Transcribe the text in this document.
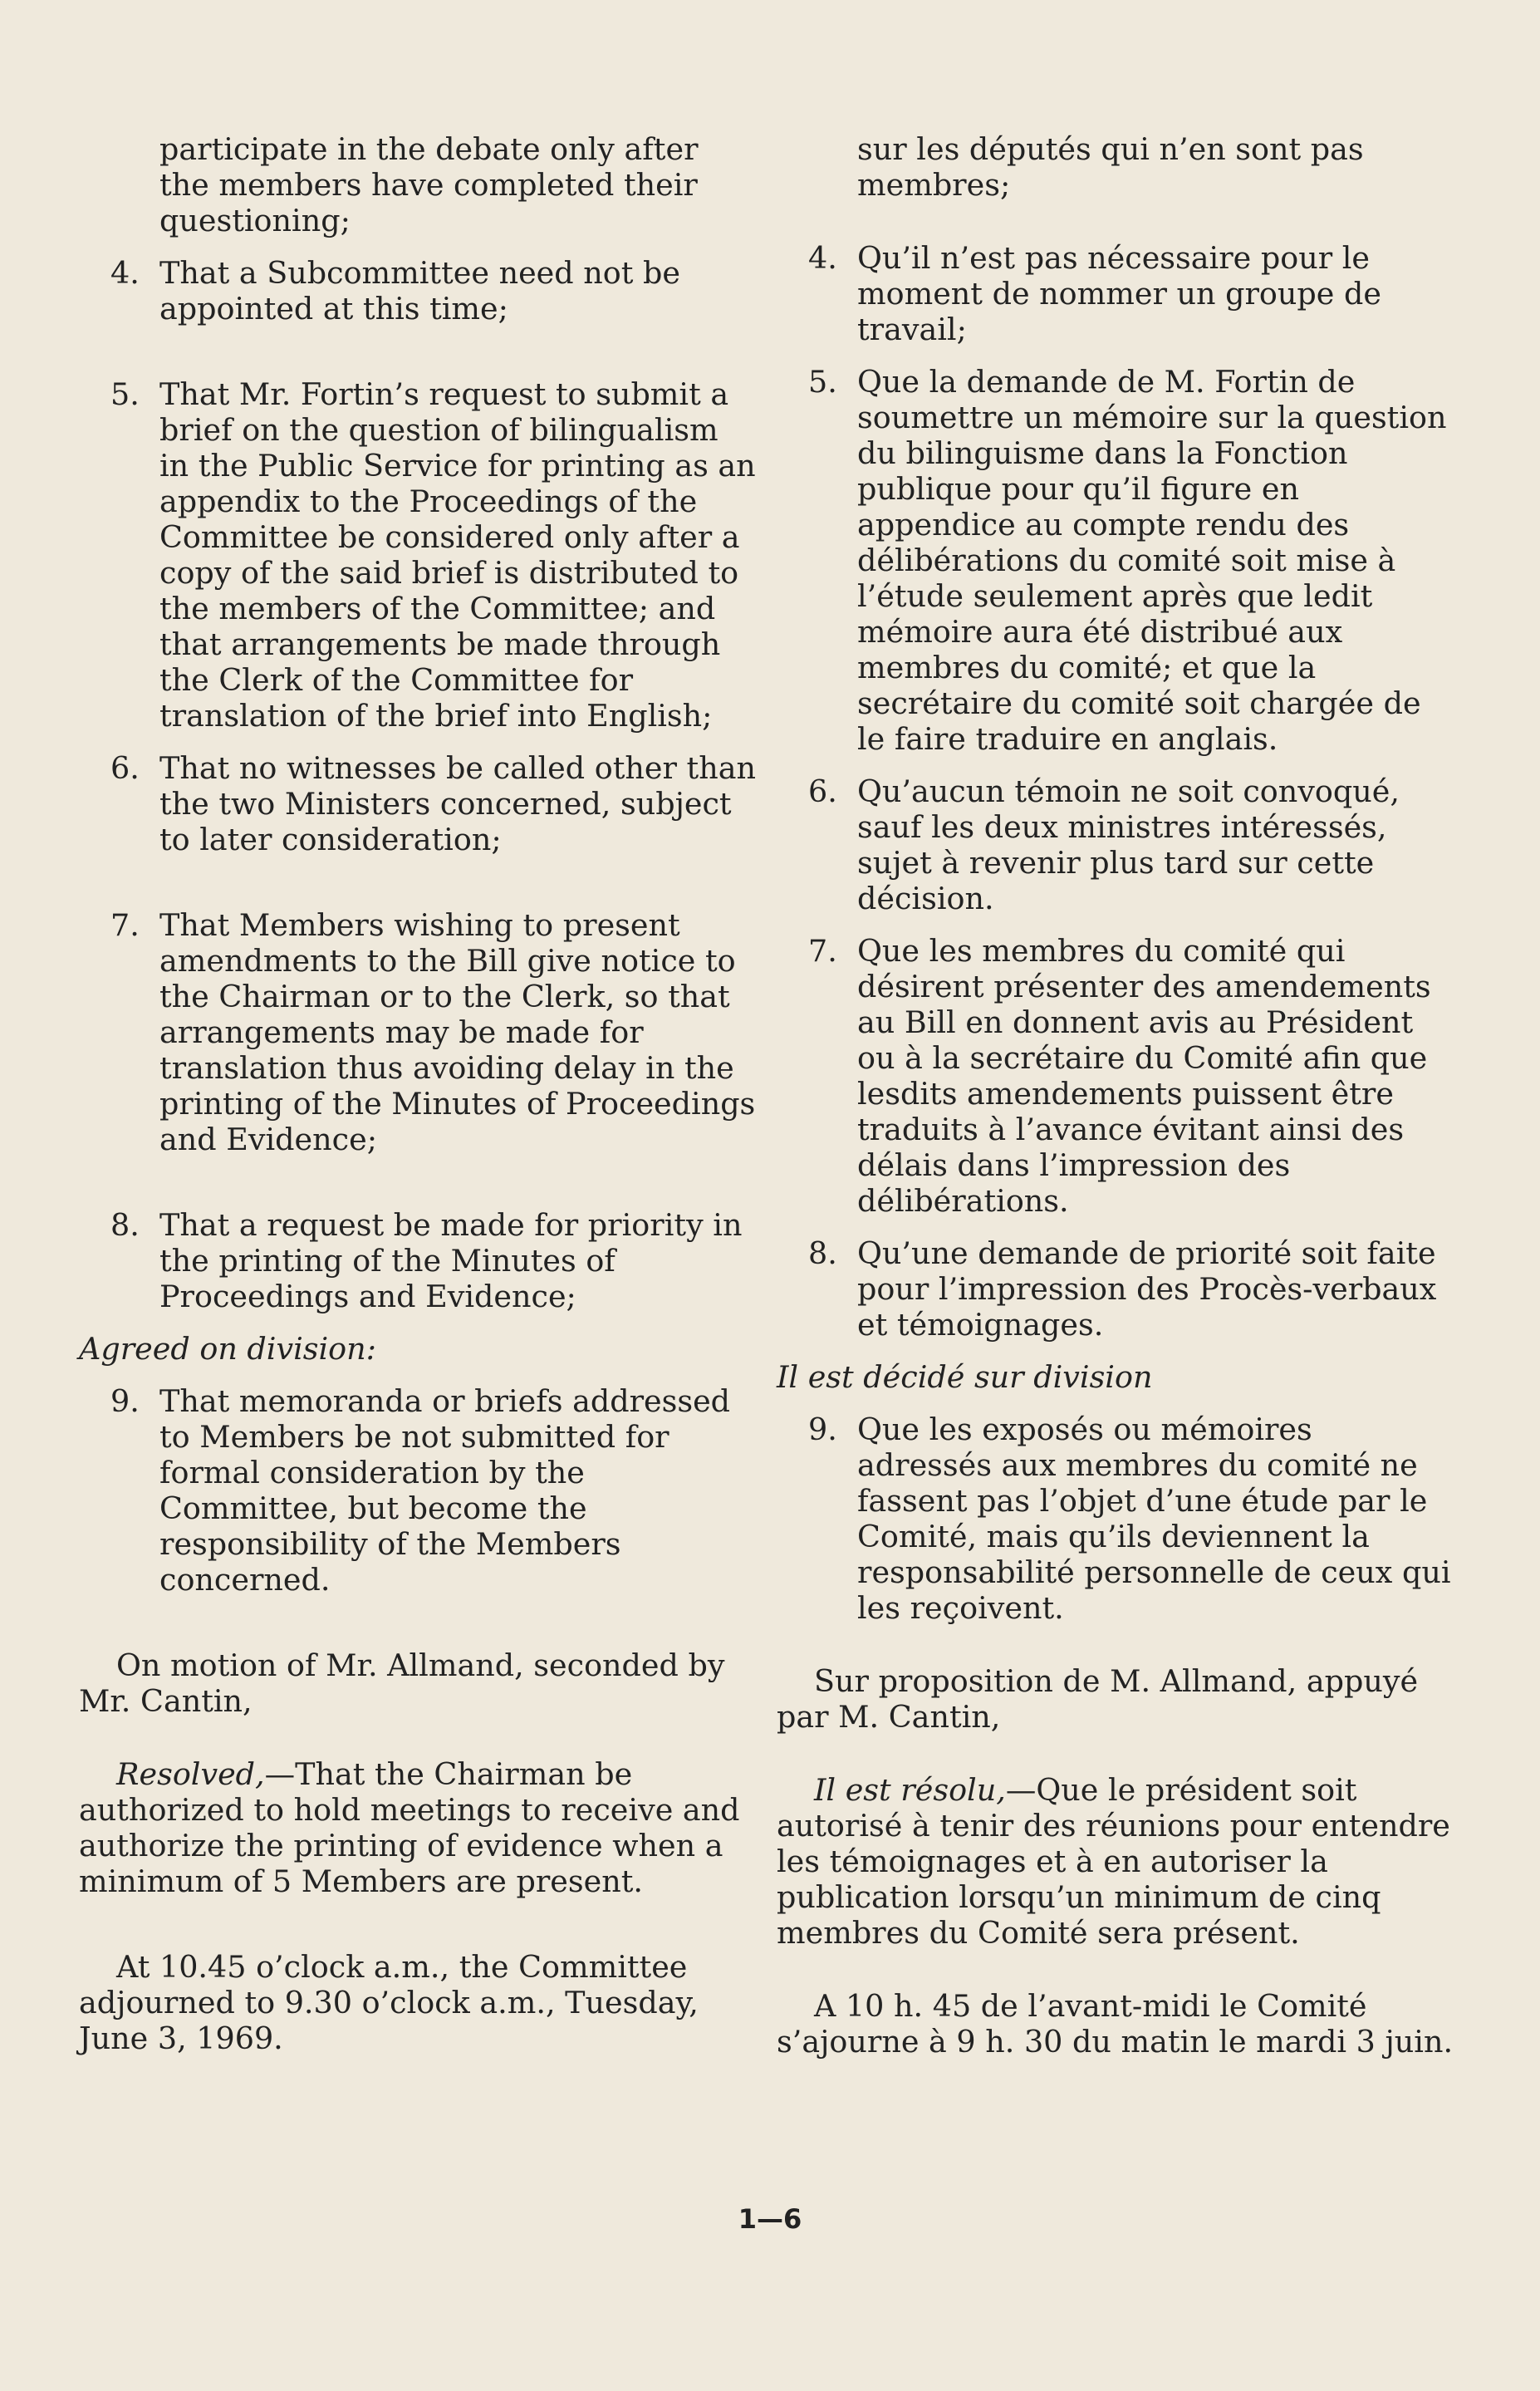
participate in the debate only after the members have completed their questioning;
4. That a Subcommittee need not be appointed at this time;
5. That Mr. Fortin’s request to submit a brief on the question of bilingualism in the Public Service for printing as an appendix to the Proceedings of the Committee be considered only after a copy of the said brief is distributed to the members of the Committee; and that arrangements be made through the Clerk of the Committee for translation of the brief into English;
6. That no witnesses be called other than the two Ministers concerned, subject to later consideration;
7. That Members wishing to present amendments to the Bill give notice to the Chairman or to the Clerk, so that arrangements may be made for translation thus avoiding delay in the printing of the Minutes of Proceedings and Evidence;
8. That a request be made for priority in the printing of the Minutes of Proceedings and Evidence;
Agreed on division:
9. That memoranda or briefs addressed to Members be not submitted for formal consideration by the Committee, but become the responsibility of the Members concerned.

On motion of Mr. Allmand, seconded by Mr. Cantin,

Resolved,—That the Chairman be authorized to hold meetings to receive and authorize the printing of evidence when a minimum of 5 Members are present.

At 10.45 o’clock a.m., the Committee adjourned to 9.30 o’clock a.m., Tuesday, June 3, 1969.

sur les députés qui n’en sont pas membres;
4. Qu’il n’est pas nécessaire pour le moment de nommer un groupe de travail;
5. Que la demande de M. Fortin de soumettre un mémoire sur la question du bilinguisme dans la Fonction publique pour qu’il figure en appendice au compte rendu des délibérations du comité soit mise à l’étude seulement après que ledit mémoire aura été distribué aux membres du comité; et que la secrétaire du comité soit chargée de le faire traduire en anglais.
6. Qu’aucun témoin ne soit convoqué, sauf les deux ministres intéressés, sujet à revenir plus tard sur cette décision.
7. Que les membres du comité qui désirent présenter des amendements au Bill en donnent avis au Président ou à la secrétaire du Comité afin que lesdits amendements puissent être traduits à l’avance évitant ainsi des délais dans l’impression des délibérations.
8. Qu’une demande de priorité soit faite pour l’impression des Procès-verbaux et témoignages.
Il est décidé sur division
9. Que les exposés ou mémoires adressés aux membres du comité ne fassent pas l’objet d’une étude par le Comité, mais qu’ils deviennent la responsabilité personnelle de ceux qui les reçoivent.

Sur proposition de M. Allmand, appuyé par M. Cantin,

Il est résolu,—Que le président soit autorisé à tenir des réunions pour entendre les témoignages et à en autoriser la publication lorsqu’un minimum de cinq membres du Comité sera présent.

A 10 h. 45 de l’avant-midi le Comité s’ajourne à 9 h. 30 du matin le mardi 3 juin.

1—6
